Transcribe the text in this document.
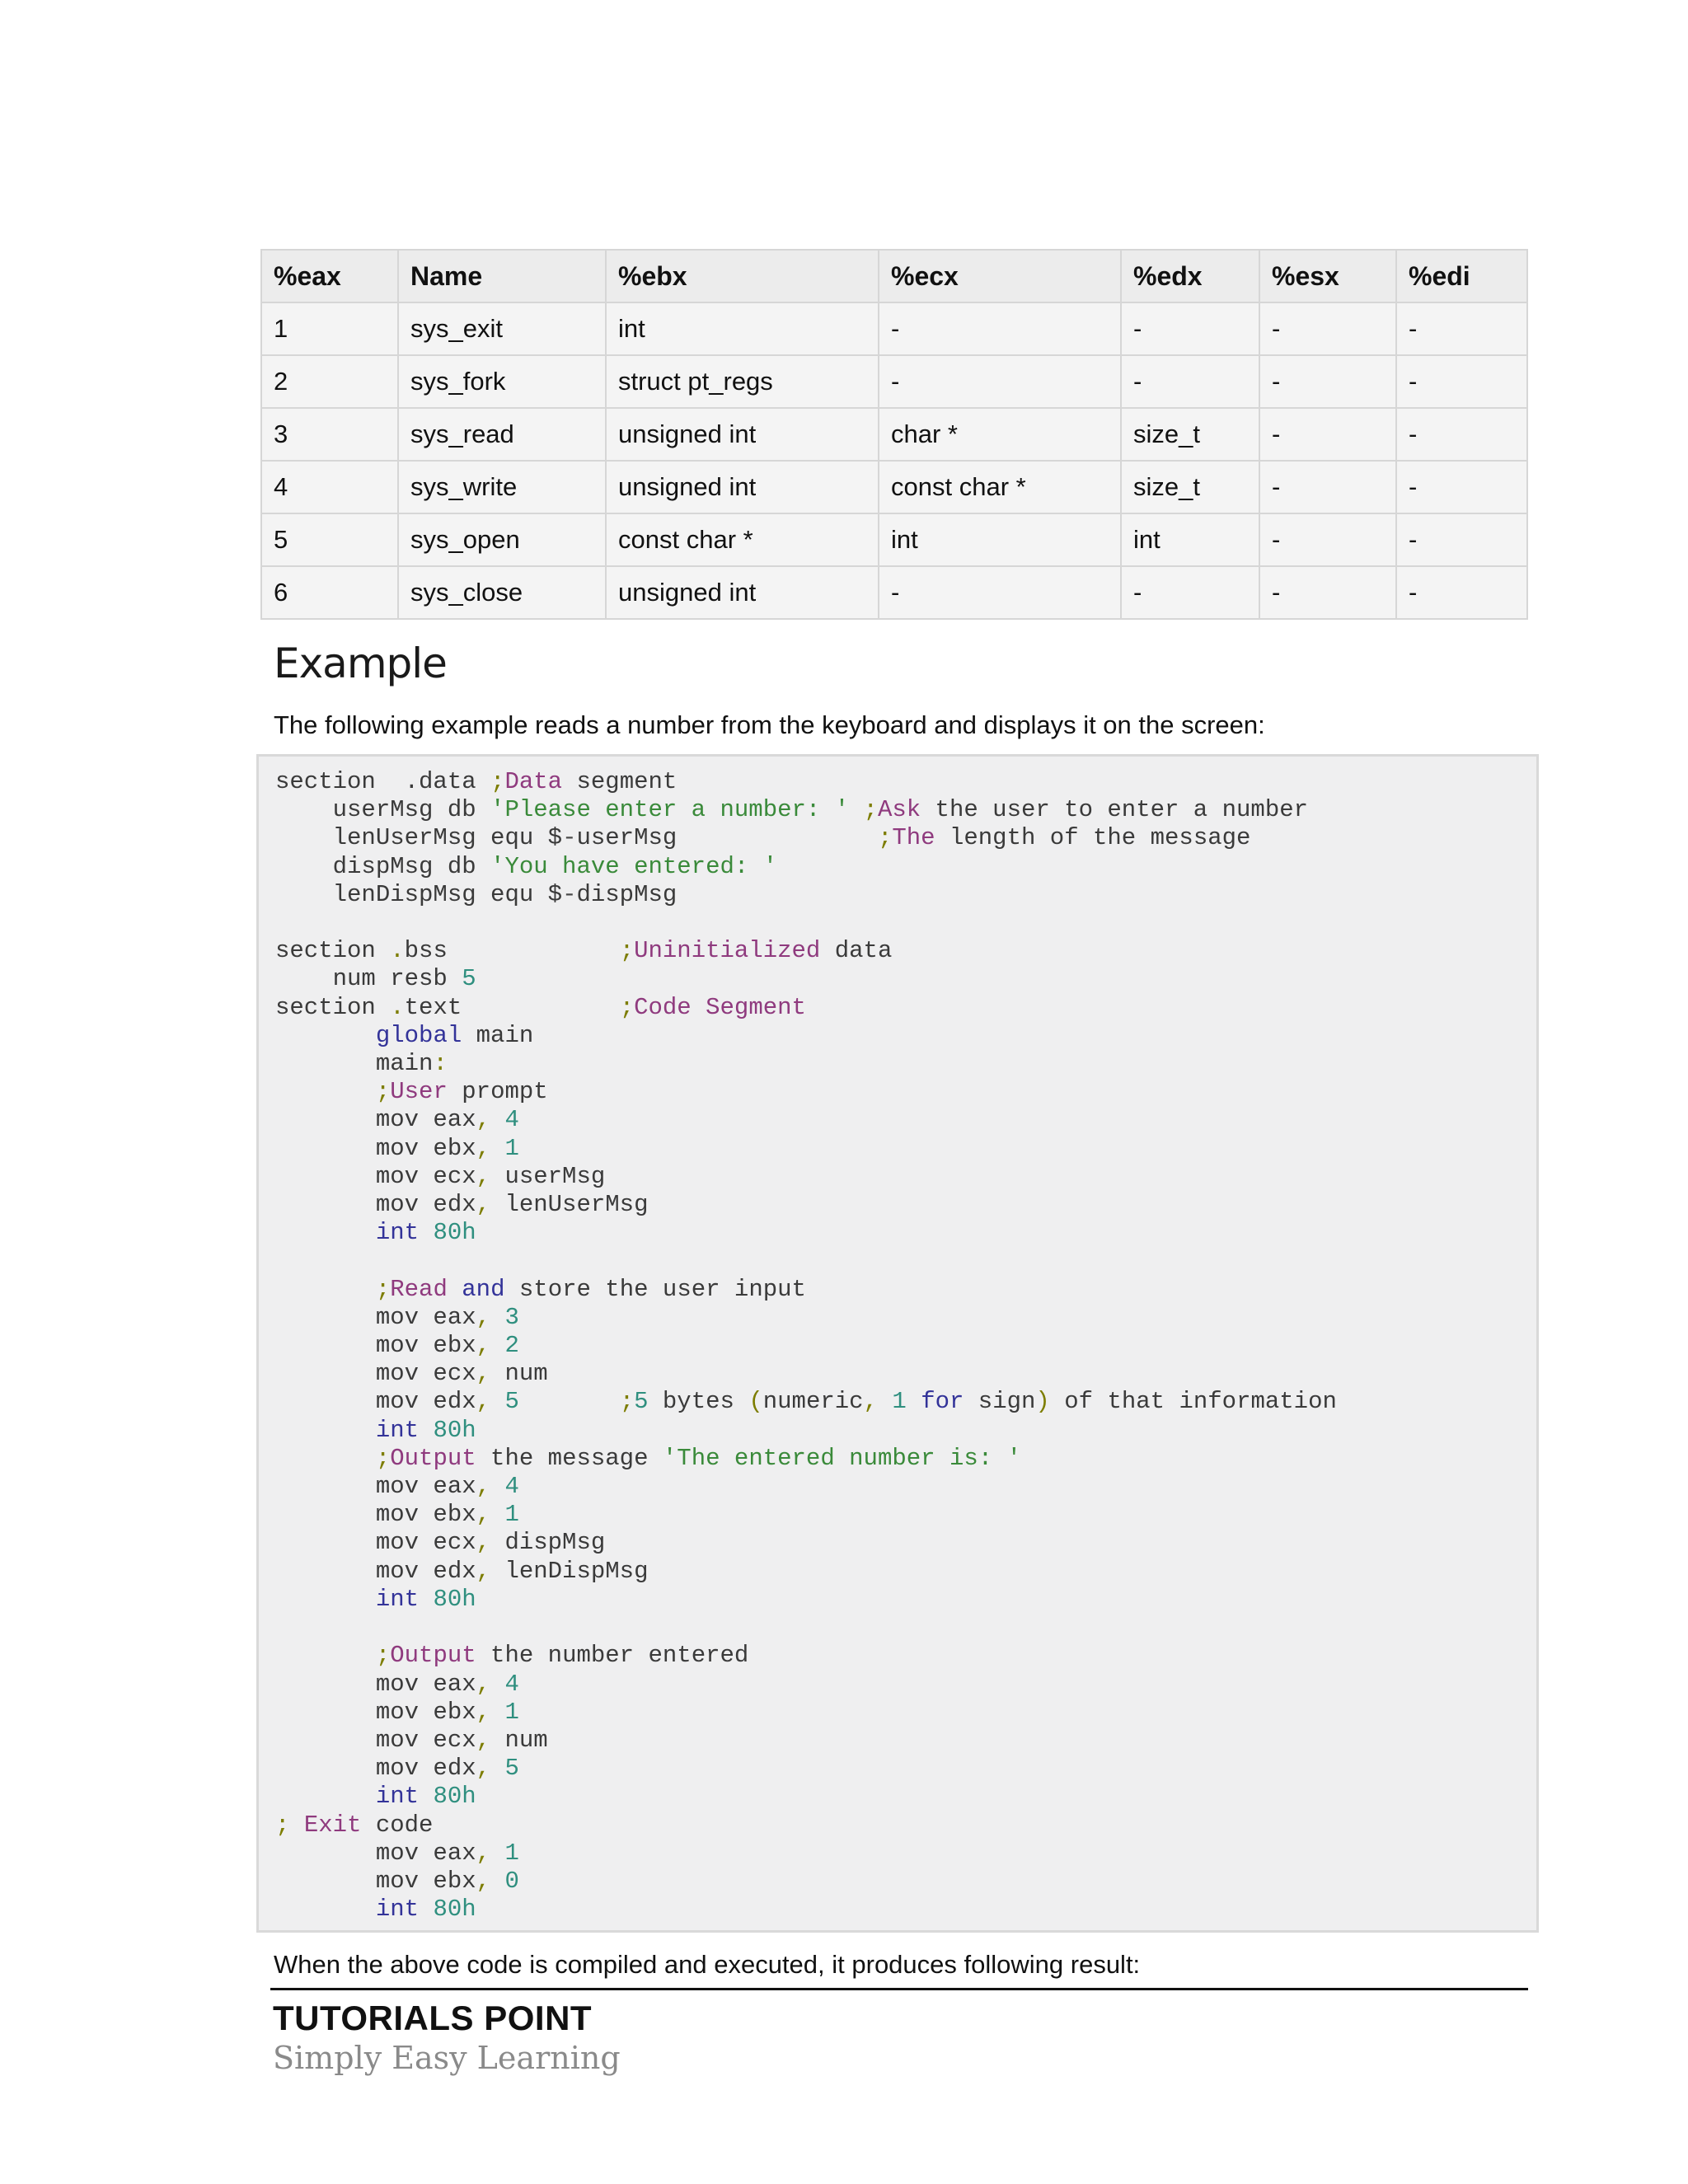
%eax	Name	%ebx	%ecx	%edx	%esx	%edi
1	sys_exit	int	-	-	-	-
2	sys_fork	struct pt_regs	-	-	-	-
3	sys_read	unsigned int	char *	size_t	-	-
4	sys_write	unsigned int	const char *	size_t	-	-
5	sys_open	const char *	int	int	-	-
6	sys_close	unsigned int	-	-	-	-
Example

The following example reads a number from the keyboard and displays it on the screen:

section  .data ;Data segment
userMsg db 'Please enter a number: ' ;Ask the user to enter a number
lenUserMsg equ $-userMsg              ;The length of the message
dispMsg db 'You have entered: '
lenDispMsg equ $-dispMsg

section .bss            ;Uninitialized data
num resb 5
section .text           ;Code Segment
global main
main:
;User prompt
mov eax, 4
mov ebx, 1
mov ecx, userMsg
mov edx, lenUserMsg
int 80h

;Read and store the user input
mov eax, 3
mov ebx, 2
mov ecx, num
mov edx, 5	;5 bytes (numeric, 1 for sign) of that information
int 80h
;Output the message 'The entered number is: '
mov eax, 4
mov ebx, 1
mov ecx, dispMsg
mov edx, lenDispMsg
int 80h

;Output the number entered
mov eax, 4
mov ebx, 1
mov ecx, num
mov edx, 5
int 80h
; Exit code
mov eax, 1
mov ebx, 0
int 80h

When the above code is compiled and executed, it produces following result:

TUTORIALS POINT

Simply Easy Learning
